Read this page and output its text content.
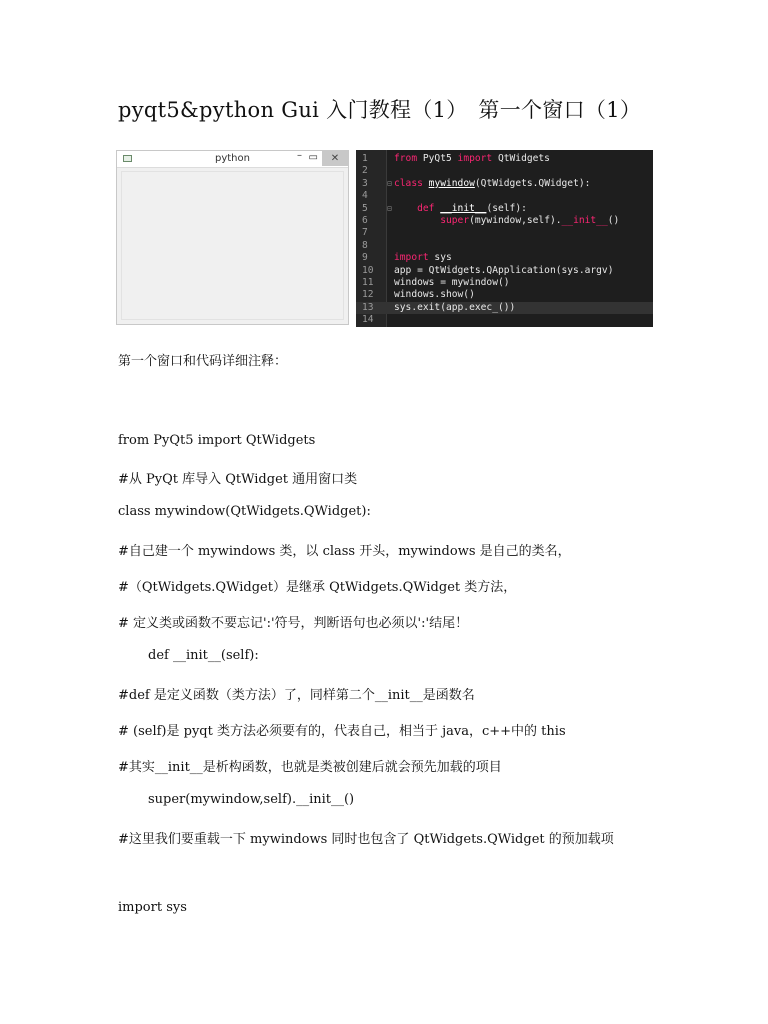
pyqt5&python Gui 入门教程（1）　第一个窗口（1）
python	– ▭	✕	1	from PyQt5 import QtWidgets
2
3 ⊟ class mywindow(QtWidgets.QWidget):
4
5 ⊟	def __init__(self):
6	super(mywindow,self).__init__()
7
8
9	import sys
10 app = QtWidgets.QApplication(sys.argv)
11 windows = mywindow()
12 windows.show()
13 sys.exit(app.exec_())
14
第一个窗口和代码详细注释：
from PyQt5 import QtWidgets
#从 PyQt 库导入 QtWidget 通用窗口类
class mywindow(QtWidgets.QWidget):
#自己建一个 mywindows 类，以 class 开头，mywindows 是自己的类名，
#（QtWidgets.QWidget）是继承 QtWidgets.QWidget 类方法，
# 定义类或函数不要忘记':'符号，判断语句也必须以':'结尾！
def __init__(self):
#def 是定义函数（类方法）了，同样第二个__init__是函数名
# (self)是 pyqt 类方法必须要有的，代表自己，相当于 java，c++中的 this
#其实__init__是析构函数，也就是类被创建后就会预先加载的项目
super(mywindow,self).__init__()
#这里我们要重载一下 mywindows 同时也包含了 QtWidgets.QWidget 的预加载项
import sys
